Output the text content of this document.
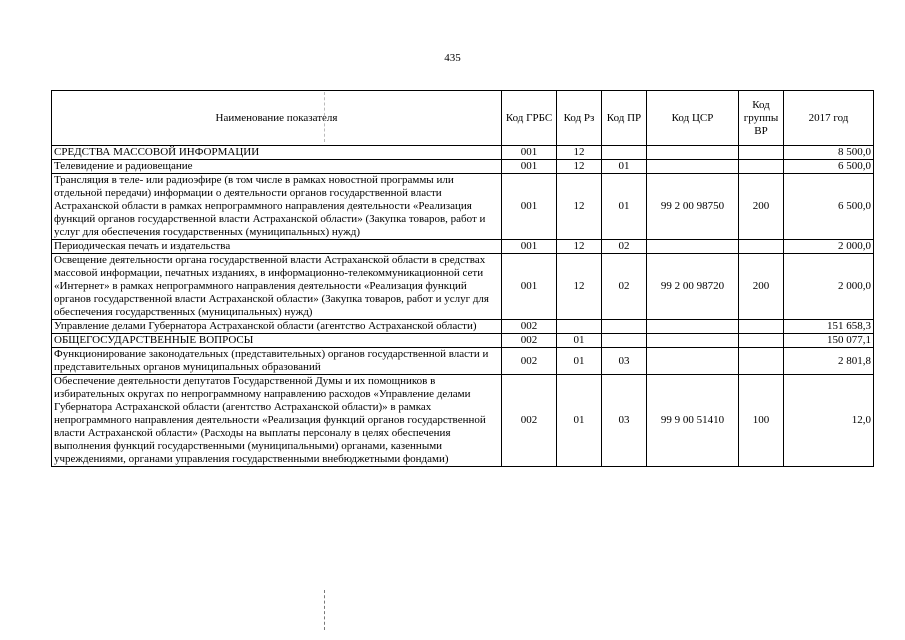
435
Наименование показателя	Код ГРБС	Код Рз	Код ПР	Код ЦСР	Код группы ВР	2017 год
СРЕДСТВА МАССОВОЙ ИНФОРМАЦИИ	001	12				8 500,0
Телевидение и радиовещание	001	12	01			6 500,0
Трансляция в теле- или радиоэфире (в том числе в рамках новостной программы или отдельной передачи) информации о деятельности органов государственной власти Астраханской области в рамках непрограммного направления деятельности «Реализация функций органов государственной власти Астраханской области» (Закупка товаров, работ и услуг для обеспечения государственных (муниципальных) нужд)	001	12	01	99 2 00 98750	200	6 500,0
Периодическая печать и издательства	001	12	02			2 000,0
Освещение деятельности органа государственной власти Астраханской области в средствах массовой информации, печатных изданиях, в информационно-телекоммуникационной сети «Интернет» в рамках непрограммного направления деятельности «Реализация функций органов государственной власти Астраханской области» (Закупка товаров, работ и услуг для обеспечения государственных (муниципальных) нужд)	001	12	02	99 2 00 98720	200	2 000,0
Управление делами Губернатора Астраханской области (агентство Астраханской области)	002					151 658,3
ОБЩЕГОСУДАРСТВЕННЫЕ ВОПРОСЫ	002	01				150 077,1
Функционирование законодательных (представительных) органов государственной власти и представительных органов муниципальных образований	002	01	03			2 801,8
Обеспечение деятельности депутатов Государственной Думы и их помощников в избирательных округах по непрограммному направлению расходов «Управление делами Губернатора Астраханской области (агентство Астраханской области)» в рамках непрограммного направления деятельности «Реализация функций органов государственной власти Астраханской области» (Расходы на выплаты персоналу в целях обеспечения выполнения функций государственными (муниципальными) органами, казенными учреждениями, органами управления государственными внебюджетными фондами)	002	01	03	99 9 00 51410	100	12,0
